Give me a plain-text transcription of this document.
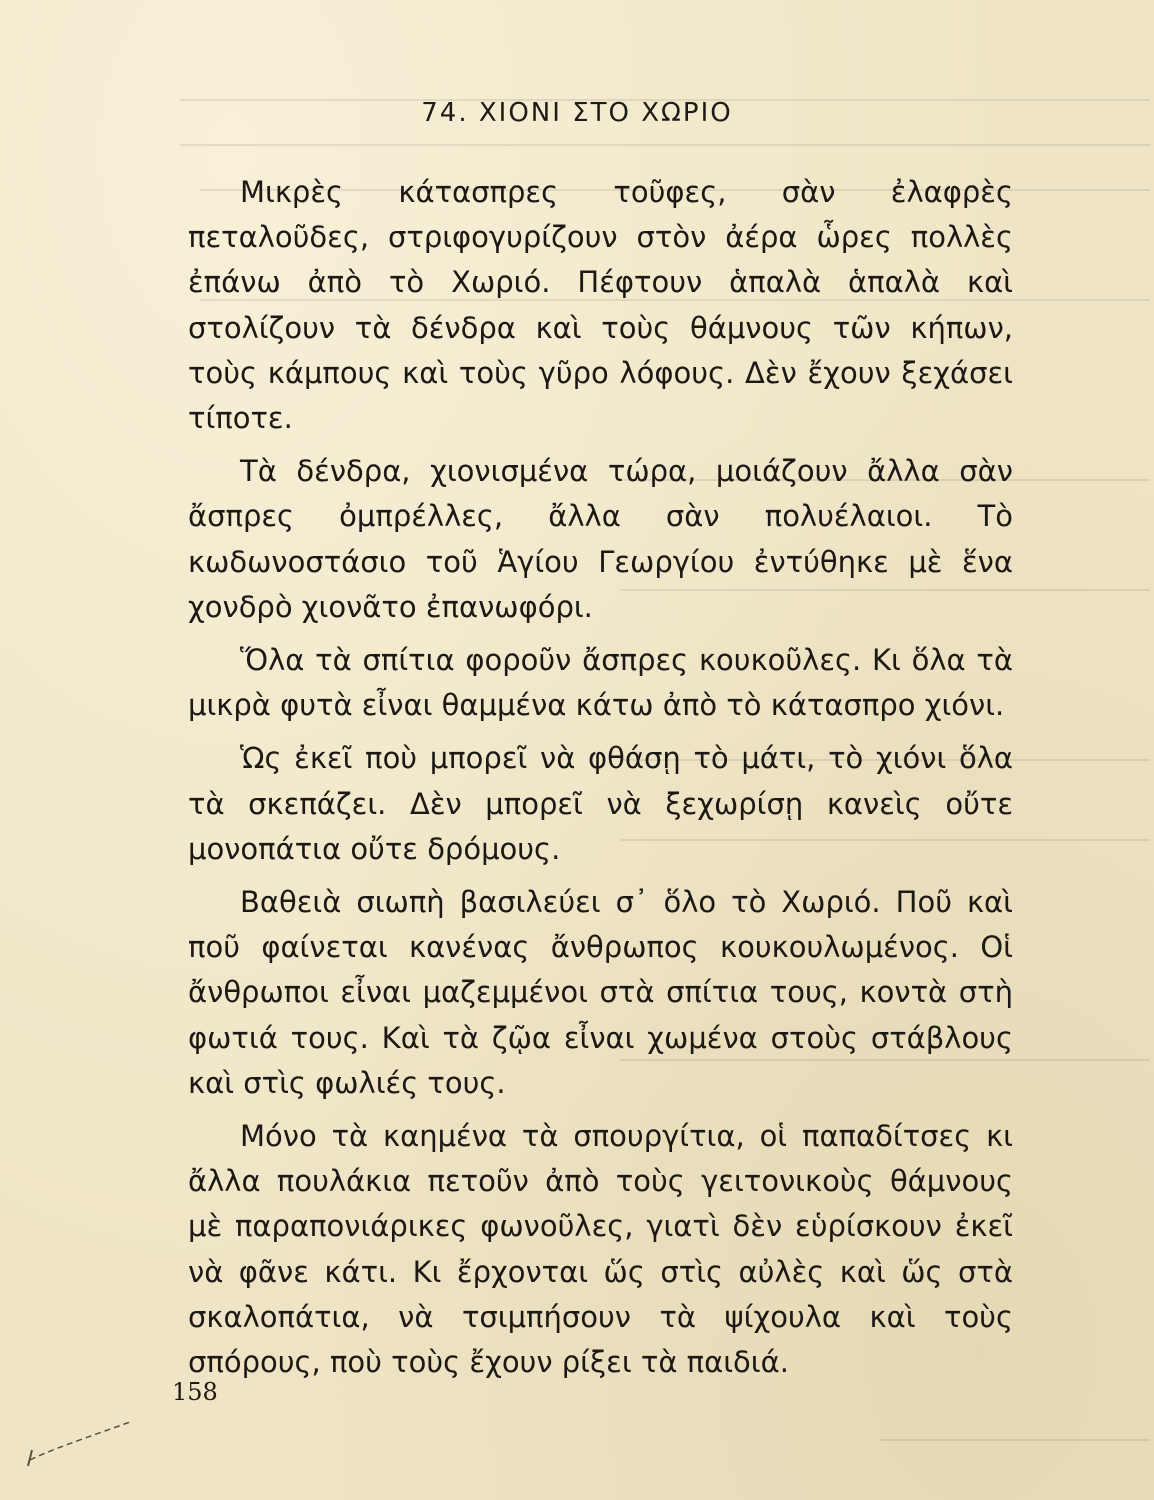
74. ΧΙΟΝΙ ΣΤΟ ΧΩΡΙΟ

Μικρὲς κάτασπρες τοῦφες, σὰν ἐλαφρὲς πεταλοῦδες, στριφογυρίζουν στὸν ἀέρα ὧρες πολλὲς ἐπάνω ἀπὸ τὸ Χωριό. Πέφτουν ἁπαλὰ ἁπαλὰ καὶ στολίζουν τὰ δένδρα καὶ τοὺς θάμνους τῶν κήπων, τοὺς κάμπους καὶ τοὺς γῦρο λόφους. Δὲν ἔχουν ξεχάσει τίποτε.

Τὰ δένδρα, χιονισμένα τώρα, μοιάζουν ἄλλα σὰν ἄσπρες ὀμπρέλλες, ἄλλα σὰν πολυέλαιοι. Τὸ κωδωνοστάσιο τοῦ Ἁγίου Γεωργίου ἐντύθηκε μὲ ἕνα χονδρὸ χιονᾶτο ἐπανωφόρι.

Ὅλα τὰ σπίτια φοροῦν ἄσπρες κουκοῦλες. Κι ὅλα τὰ μικρὰ φυτὰ εἶναι θαμμένα κάτω ἀπὸ τὸ κάτασπρο χιόνι.

Ὡς ἐκεῖ ποὺ μπορεῖ νὰ φθάσῃ τὸ μάτι, τὸ χιόνι ὅλα τὰ σκεπάζει. Δὲν μπορεῖ νὰ ξεχωρίσῃ κανεὶς οὔτε μονοπάτια οὔτε δρόμους.

Βαθειὰ σιωπὴ βασιλεύει σ᾽ ὅλο τὸ Χωριό. Ποῦ καὶ ποῦ φαίνεται κανένας ἄνθρωπος κουκουλωμένος. Οἱ ἄνθρωποι εἶναι μαζεμμένοι στὰ σπίτια τους, κοντὰ στὴ φωτιά τους. Καὶ τὰ ζῷα εἶναι χωμένα στοὺς στάβλους καὶ στὶς φωλιές τους.

Μόνο τὰ καημένα τὰ σπουργίτια, οἱ παπαδίτσες κι ἄλλα πουλάκια πετοῦν ἀπὸ τοὺς γειτονικοὺς θάμνους μὲ παραπονιάρικες φωνοῦλες, γιατὶ δὲν εὑρίσκουν ἐκεῖ νὰ φᾶνε κάτι. Κι ἔρχονται ὥς στὶς αὐλὲς καὶ ὥς στὰ σκαλοπάτια, νὰ τσιμπήσουν τὰ ψίχουλα καὶ τοὺς σπόρους, ποὺ τοὺς ἔχουν ρίξει τὰ παιδιά.

158
